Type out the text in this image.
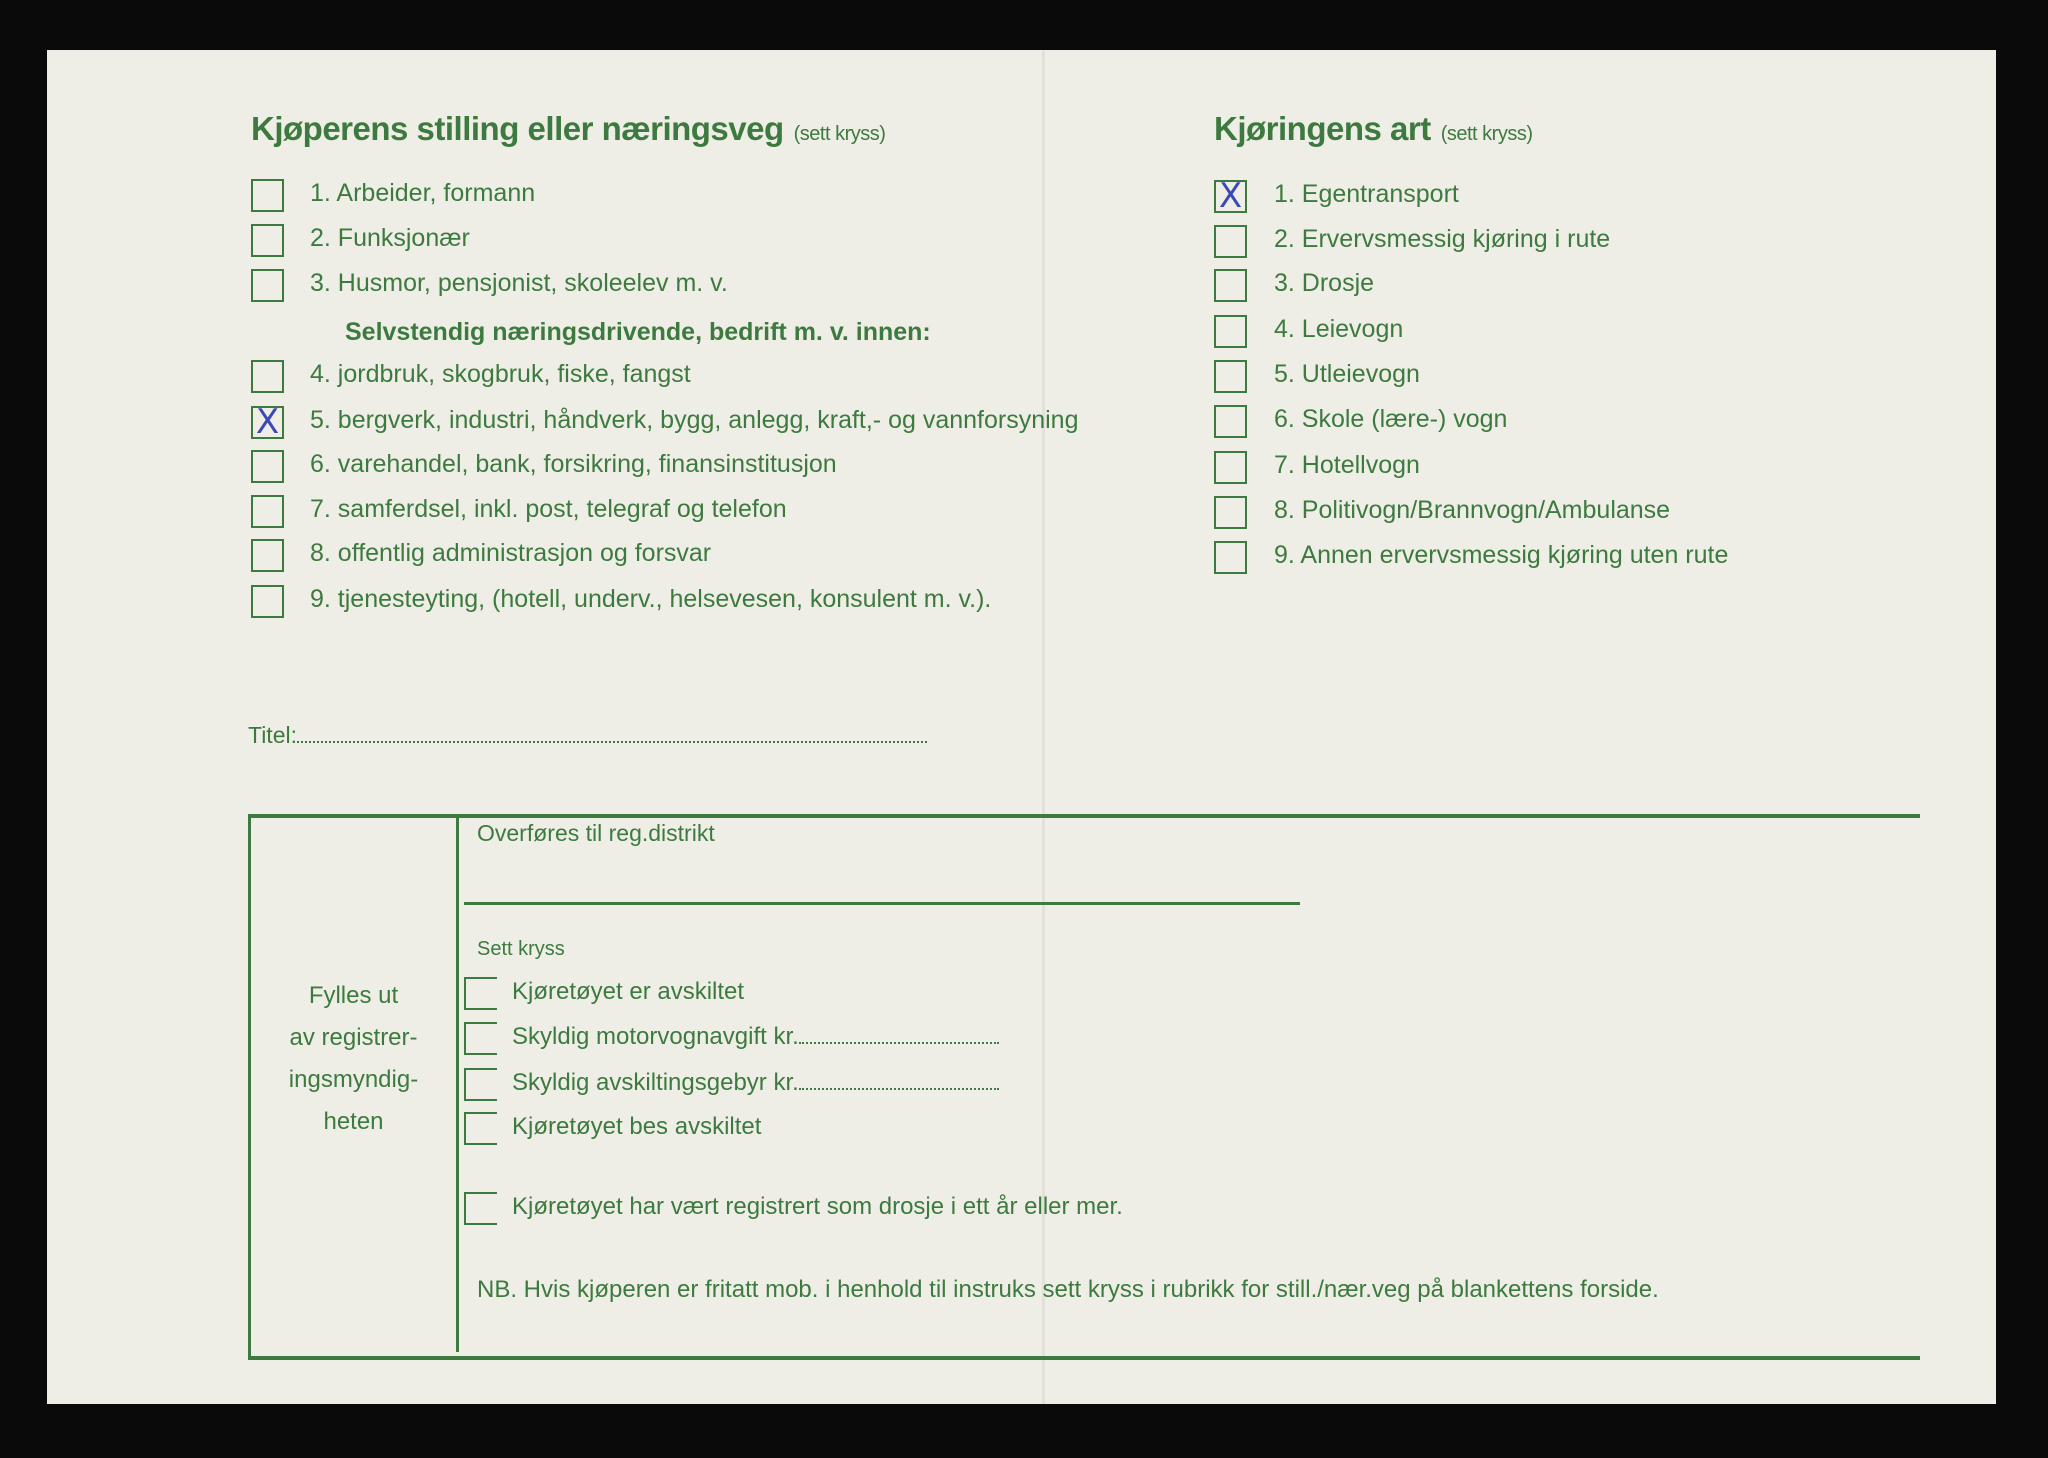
Kjøperens stilling eller næringsveg (sett kryss)	Kjøringens art (sett kryss)
1. Arbeider, formann
2. Funksjonær
3. Husmor, pensjonist, skoleelev m. v.
4. jordbruk, skogbruk, fiske, fangst
X 5. bergverk, industri, håndverk, bygg, anlegg, kraft,- og vannforsyning
6. varehandel, bank, forsikring, finansinstitusjon
7. samferdsel, inkl. post, telegraf og telefon
8. offentlig administrasjon og forsvar
9. tjenesteyting, (hotell, underv., helsevesen, konsulent m. v.).
Selvstendig næringsdrivende, bedrift m. v. innen:
X 1. Egentransport
2. Ervervsmessig kjøring i rute
3. Drosje
4. Leievogn
5. Utleievogn
6. Skole (lære-) vogn
7. Hotellvogn
8. Politivogn/Brannvogn/Ambulanse
9. Annen ervervsmessig kjøring uten rute
Titel:
Fylles ut
av registrer-
ingsmyndig-
heten
Overføres til reg.distrikt
Sett kryss
Kjøretøyet er avskiltet
Skyldig motorvognavgift kr.
Skyldig avskiltingsgebyr kr.
Kjøretøyet bes avskiltet
Kjøretøyet har vært registrert som drosje i ett år eller mer.
NB. Hvis kjøperen er fritatt mob. i henhold til instruks sett kryss i rubrikk for still./nær.veg på blankettens forside.
